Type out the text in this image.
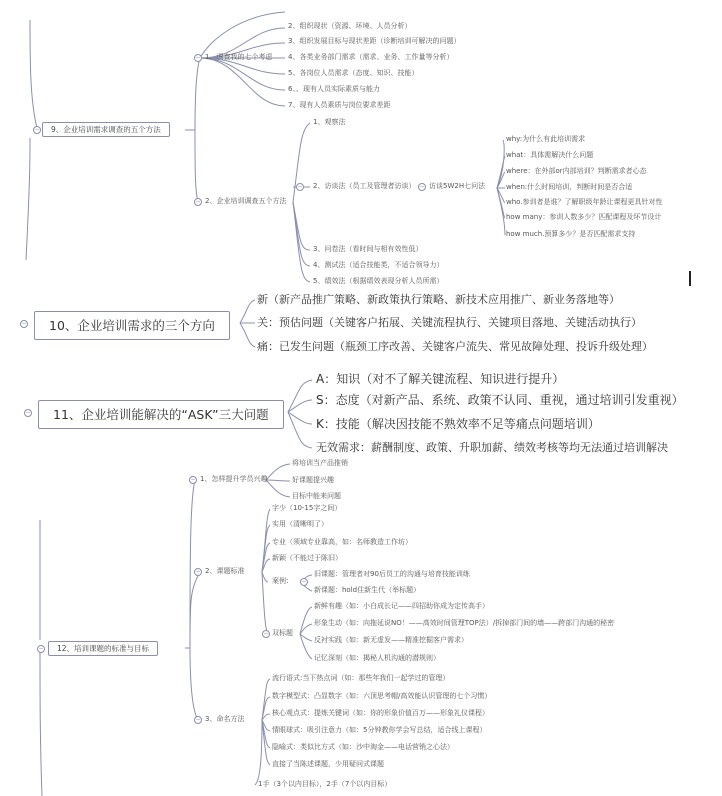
9、企业培训需求调查的五个方法
−
1、调查我的七个考虑
−
2、组织现状（资源、环境、人员分析）
3、组织发展目标与现状差距（诊断培训可解决的问题）
4、各类业务部门需求（需求、业务、工作量等分析）
5、各岗位人员需求（态度、知识、技能）
6、、现有人员实际素质与能力
7、现有人员素质与岗位要求差距
2、企业培训调查五个方法
−
1、观察法
2、访谈法（员工及管理者访谈） − − 访谈5W2H七问法
why:为什么有此培训需求
what：具体需解决什么问题
where：在外部or内部培训？判断需求者心态
when:什么时间培训，判断时间是否合适
who.参训者是谁？了解职级年龄让课程更具针对性
how many：参训人数多少？匹配课程及环节设计
how much.预算多少？是否匹配需求支持
3、问卷法（看时间与相有效性低）
4、测试法（适合技能类，不适合领导力）
5、绩效法（根据绩效表现分析人员所需）
10、企业培训需求的三个方向
−
新（新产品推广策略、新政策执行策略、新技术应用推广、新业务落地等）
关：预估问题（关键客户拓展、关键流程执行、关键项目落地、关键活动执行）
痛：已发生问题（瓶颈工序改善、关键客户流失、常见故障处理、投诉升级处理）
11、企业培训能解决的“ASK”三大问题
−
A：知识（对不了解关键流程、知识进行提升）
S：态度（对新产品、系统、政策不认同、重视，通过培训引发重视）
K：技能（解决因技能不熟效率不足等痛点问题培训）
无效需求：薪酬制度、政策、升职加薪、绩效考核等均无法通过培训解决
12、培训课题的标准与目标
−
1、怎样提升学员兴趣
−
将培训当产品推销
好课题提兴趣
目标中能来问题
2、课题标准
−
字少（10-15字之间）
实用（清晰明了）
专业（须域专业靠高，如：名师教造工作坊）
新颖（不能过于陈旧）
案例：
−
旧课题：管理者对90后员工的沟通与培育技能训练
新课题：hold住新生代（举标题）
−
双标题
新鲜有趣（如：小白成长记——四招助你成为定传高手）
形象生动（如：向拖延说NO！——高效时间管理TOP法）/拆掉部门间的墙——跨部门沟通的秘密
反衬实践（如：新无虚发——精准挖掘客户需求）
记忆深刻（如：揭秘人机沟通的潜规则）
3、命名方法
−
流行语式:当下热点词（如：那些年我们一起学过的管理）
数字模型式：凸显数字（如：六顶思考帽/高效能认识管理的七个习惯）
核心观点式：提炼关键词（如：你的形象价值百万——形象礼仪课程）
情眼球式：吸引注意力（如：5分钟教你学会写总结，适合线上课程）
隐喻式：类似比方式（如：沙中淘金——电话营销之心法）
直接了当陈述课题，少用疑问式课题
1手（3个以内目标），2手（7个以内目标）
